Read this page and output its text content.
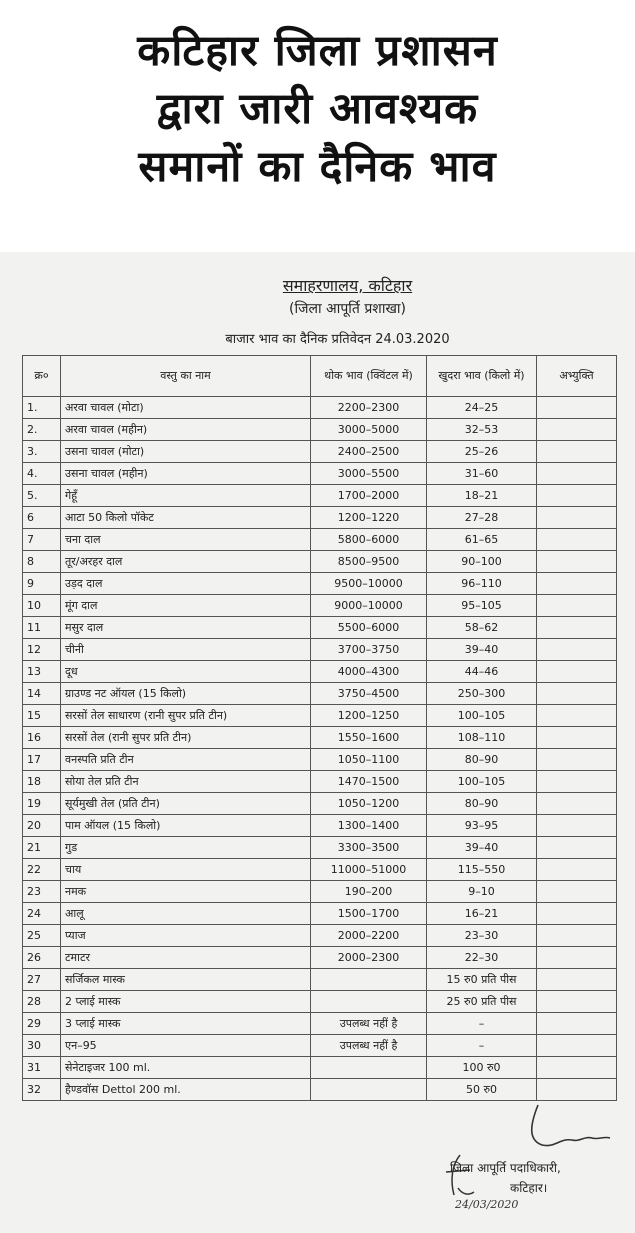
कटिहार जिला प्रशासन
द्वारा जारी आवश्यक
समानों का दैनिक भाव
समाहरणालय, कटिहार
(जिला आपूर्ति प्रशाखा)
बाजार भाव का दैनिक प्रतिवेदन 24.03.2020
क्र०	वस्तु का नाम	थोक भाव (क्विंटल में)	खुदरा भाव (किलो में)	अभ्युक्ति
1.	अरवा चावल (मोटा)	2200–2300	24–25	
2.	अरवा चावल (महीन)	3000–5000	32–53	
3.	उसना चावल (मोटा)	2400–2500	25–26	
4.	उसना चावल (महीन)	3000–5500	31–60	
5.	गेहूँ	1700–2000	18–21	
6	आटा 50 किलो पॉकेट	1200–1220	27–28	
7	चना दाल	5800–6000	61–65	
8	तूर/अरहर दाल	8500–9500	90–100	
9	उड़द दाल	9500–10000	96–110	
10	मूंग दाल	9000–10000	95–105	
11	मसुर दाल	5500–6000	58–62	
12	चीनी	3700–3750	39–40	
13	दूध	4000–4300	44–46	
14	ग्राउण्ड नट ऑयल (15 किलो)	3750–4500	250–300	
15	सरसों तेल साधारण (रानी सुपर प्रति टीन)	1200–1250	100–105	
16	सरसों तेल (रानी सुपर प्रति टीन)	1550–1600	108–110	
17	वनस्पति प्रति टीन	1050–1100	80–90	
18	सोया तेल प्रति टीन	1470–1500	100–105	
19	सूर्यमुखी तेल (प्रति टीन)	1050–1200	80–90	
20	पाम ऑयल (15 किलो)	1300–1400	93–95	
21	गुड	3300–3500	39–40	
22	चाय	11000–51000	115–550	
23	नमक	190–200	9–10	
24	आलू	1500–1700	16–21	
25	प्याज	2000–2200	23–30	
26	टमाटर	2000–2300	22–30	
27	सर्जिकल मास्क		15 रु0 प्रति पीस	
28	2 प्लाई मास्क		25 रु0 प्रति पीस	
29	3 प्लाई मास्क	उपलब्ध नहीं है	–	
30	एन–95	उपलब्ध नहीं है	–	
31	सेनेटाइजर 100 ml.		100 रु0	
32	हैण्डवॉस Dettol 200 ml.		50 रु0	
जिला आपूर्ति पदाधिकारी,
कटिहार।
24/03/2020
